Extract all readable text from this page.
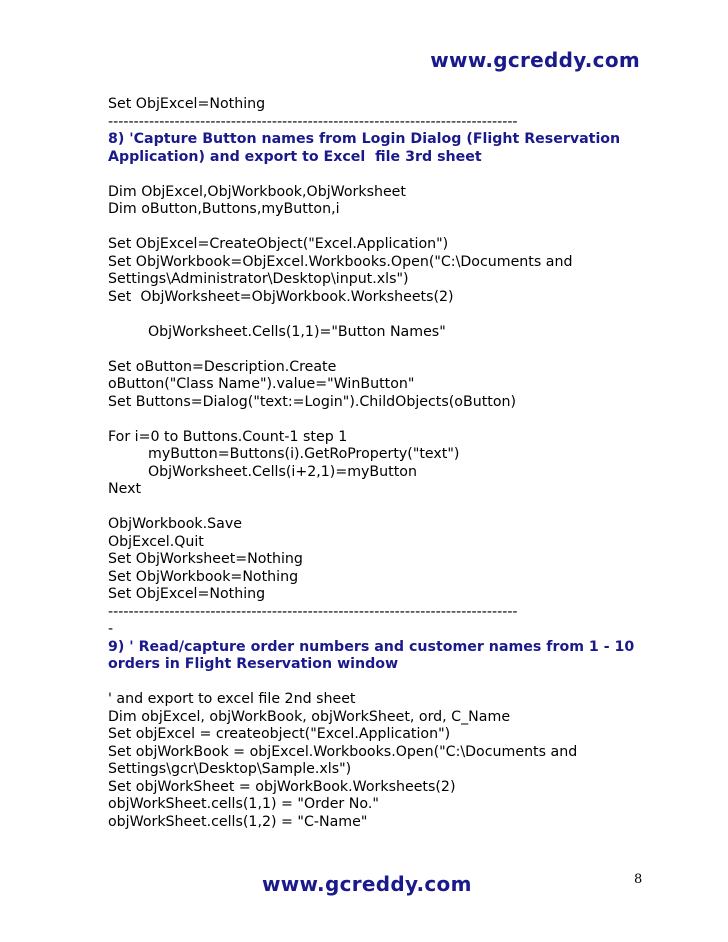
www.gcreddy.com
Set ObjExcel=Nothing
--------------------------------------------------------------------------------
8) 'Capture Button names from Login Dialog (Flight Reservation
Application) and export to Excel  file 3rd sheet
Dim ObjExcel,ObjWorkbook,ObjWorksheet
Dim oButton,Buttons,myButton,i
Set ObjExcel=CreateObject("Excel.Application")
Set ObjWorkbook=ObjExcel.Workbooks.Open("C:\Documents and
Settings\Administrator\Desktop\input.xls")
Set  ObjWorksheet=ObjWorkbook.Worksheets(2)
ObjWorksheet.Cells(1,1)="Button Names"
Set oButton=Description.Create
oButton("Class Name").value="WinButton"
Set Buttons=Dialog("text:=Login").ChildObjects(oButton)
For i=0 to Buttons.Count-1 step 1
myButton=Buttons(i).GetRoProperty("text")
ObjWorksheet.Cells(i+2,1)=myButton
Next
ObjWorkbook.Save
ObjExcel.Quit
Set ObjWorksheet=Nothing
Set ObjWorkbook=Nothing
Set ObjExcel=Nothing
--------------------------------------------------------------------------------
-
9) ' Read/capture order numbers and customer names from 1 - 10
orders in Flight Reservation window
' and export to excel file 2nd sheet
Dim objExcel, objWorkBook, objWorkSheet, ord, C_Name
Set objExcel = createobject("Excel.Application")
Set objWorkBook = objExcel.Workbooks.Open("C:\Documents and
Settings\gcr\Desktop\Sample.xls")
Set objWorkSheet = objWorkBook.Worksheets(2)
objWorkSheet.cells(1,1) = "Order No."
objWorkSheet.cells(1,2) = "C-Name"
www.gcreddy.com	8
